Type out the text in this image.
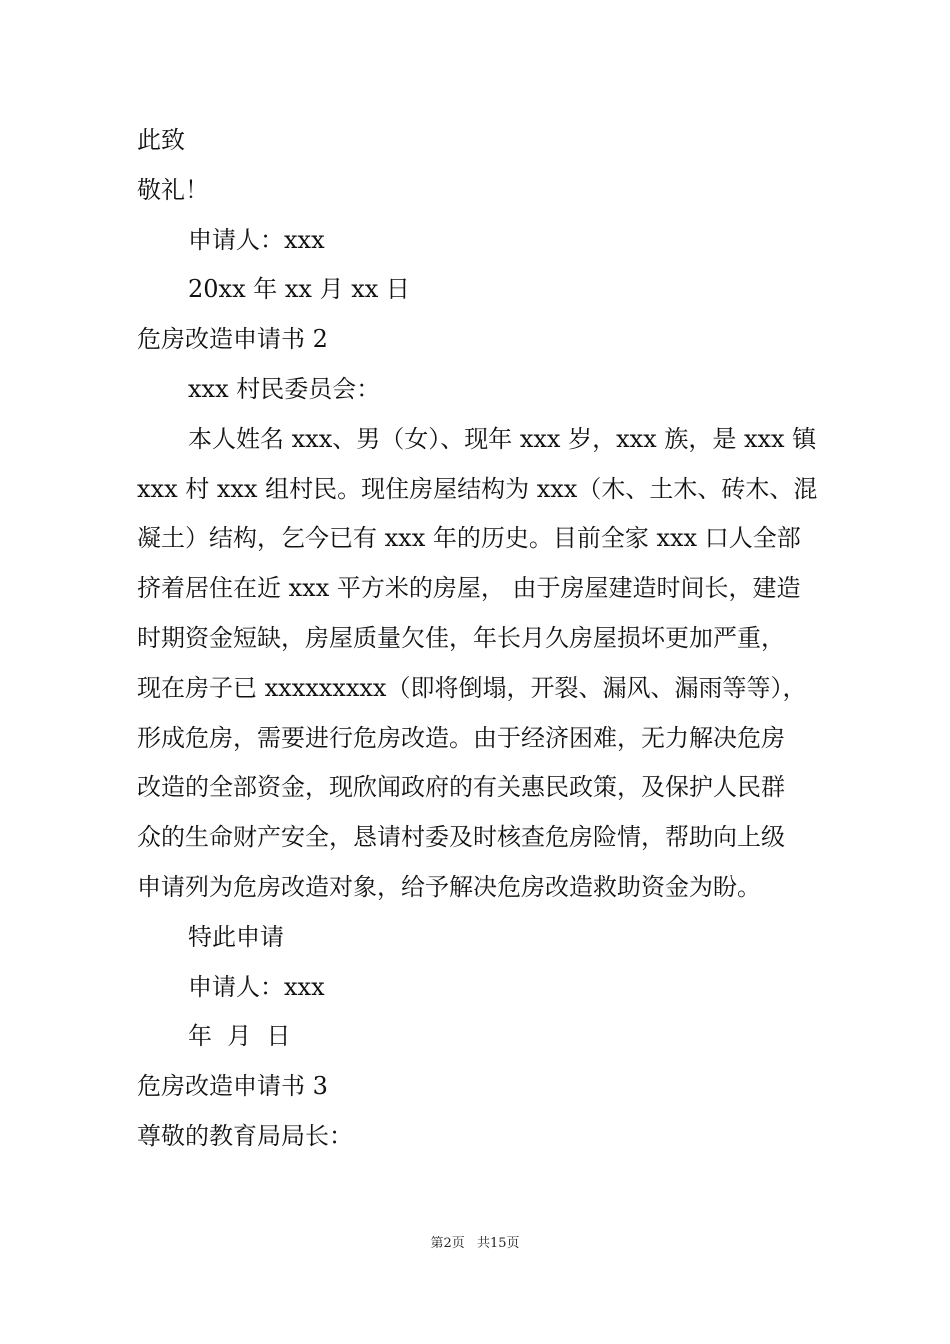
此致

敬礼！

申请人：xxx

20xx 年 xx 月 xx 日

危房改造申请书 2

xxx 村民委员会：

本人姓名 xxx、男（女）、现年 xxx 岁，xxx 族，是 xxx 镇
xxx 村 xxx 组村民。现住房屋结构为 xxx（木、土木、砖木、混
凝土）结构，乞今已有 xxx 年的历史。目前全家 xxx 口人全部
挤着居住在近 xxx 平方米的房屋， 由于房屋建造时间长，建造
时期资金短缺，房屋质量欠佳，年长月久房屋损坏更加严重，
现在房子已 xxxxxxxxx（即将倒塌，开裂、漏风、漏雨等等），
形成危房，需要进行危房改造。由于经济困难，无力解决危房
改造的全部资金，现欣闻政府的有关惠民政策，及保护人民群
众的生命财产安全，恳请村委及时核查危房险情，帮助向上级
申请列为危房改造对象，给予解决危房改造救助资金为盼。

特此申请

申请人：xxx

年  月  日

危房改造申请书 3

尊敬的教育局局长：

第2页 共15页
